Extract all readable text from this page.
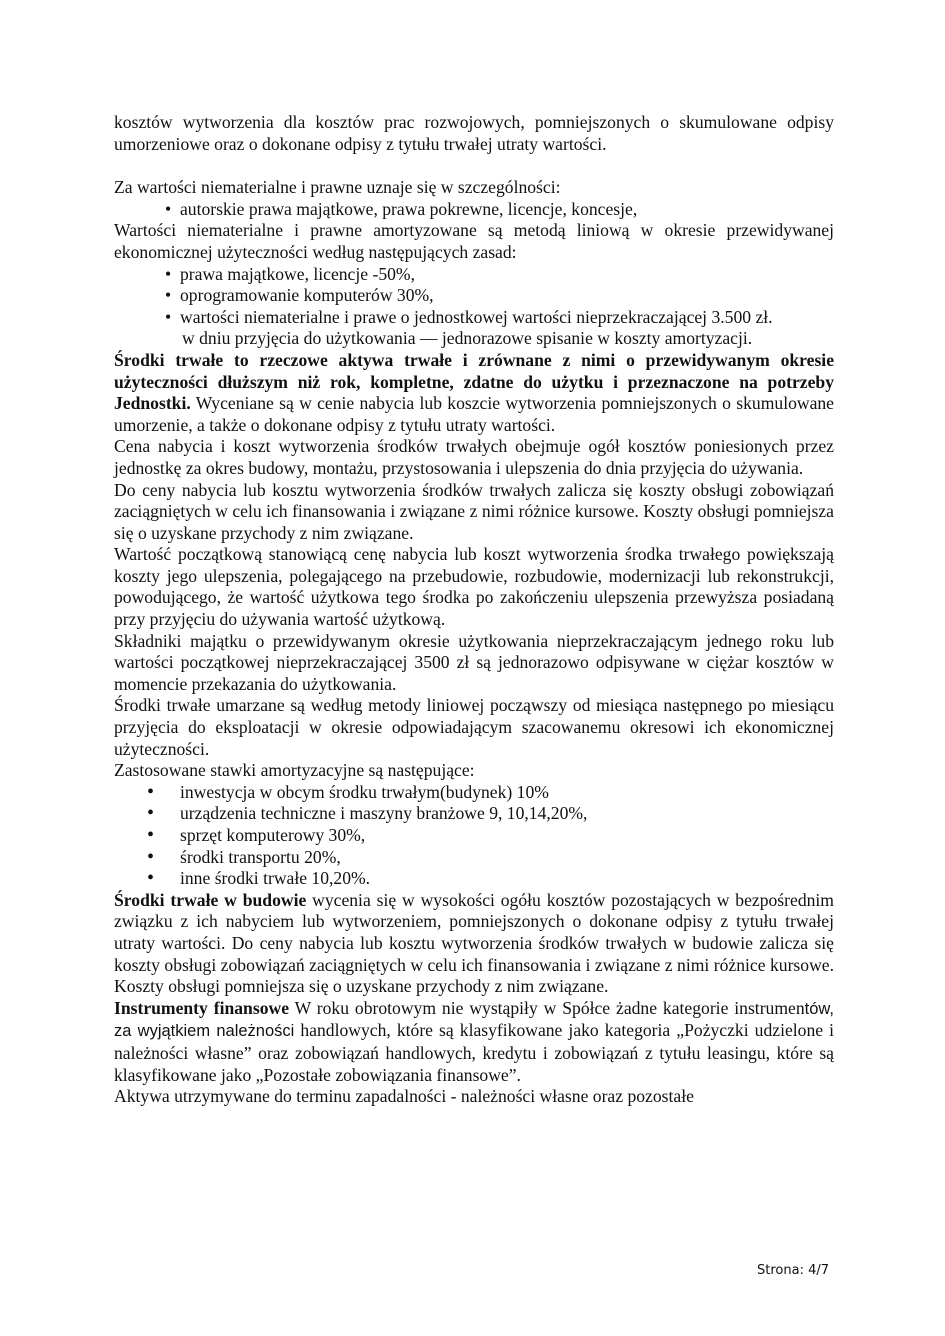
kosztów wytworzenia dla kosztów prac rozwojowych, pomniejszonych o skumulowane odpisy umorzeniowe oraz o dokonane odpisy z tytułu trwałej utraty wartości.

Za wartości niematerialne i prawne uznaje się w szczególności:

• autorskie prawa majątkowe, prawa pokrewne, licencje, koncesje,

Wartości niematerialne i prawne amortyzowane są metodą liniową w okresie przewidywanej ekonomicznej użyteczności według następujących zasad:

• prawa majątkowe, licencje -50%,
• oprogramowanie komputerów 30%,
• wartości niematerialne i prawe o jednostkowej wartości nieprzekraczającej 3.500 zł.

w dniu przyjęcia do użytkowania — jednorazowe spisanie w koszty amortyzacji.

Środki trwałe to rzeczowe aktywa trwałe i zrównane z nimi o przewidywanym okresie użyteczności dłuższym niż rok, kompletne, zdatne do użytku i przeznaczone na potrzeby Jednostki. Wyceniane są w cenie nabycia lub koszcie wytworzenia pomniejszonych o skumulowane umorzenie, a także o dokonane odpisy z tytułu utraty wartości.

Cena nabycia i koszt wytworzenia środków trwałych obejmuje ogół kosztów poniesionych przez jednostkę za okres budowy, montażu, przystosowania i ulepszenia do dnia przyjęcia do używania.

Do ceny nabycia lub kosztu wytworzenia środków trwałych zalicza się koszty obsługi zobowiązań zaciągniętych w celu ich finansowania i związane z nimi różnice kursowe. Koszty obsługi pomniejsza się o uzyskane przychody z nim związane.

Wartość początkową stanowiącą cenę nabycia lub koszt wytworzenia środka trwałego powiększają koszty jego ulepszenia, polegającego na przebudowie, rozbudowie, modernizacji lub rekonstrukcji, powodującego, że wartość użytkowa tego środka po zakończeniu ulepszenia przewyższa posiadaną przy przyjęciu do używania wartość użytkową.

Składniki majątku o przewidywanym okresie użytkowania nieprzekraczającym jednego roku lub wartości początkowej nieprzekraczającej 3500 zł są jednorazowo odpisywane w ciężar kosztów w momencie przekazania do użytkowania.

Środki trwałe umarzane są według metody liniowej począwszy od miesiąca następnego po miesiącu przyjęcia do eksploatacji w okresie odpowiadającym szacowanemu okresowi ich ekonomicznej użyteczności.

Zastosowane stawki amortyzacyjne są następujące:

• inwestycja w obcym środku trwałym(budynek) 10%
• urządzenia techniczne i maszyny branżowe 9, 10,14,20%,
• sprzęt komputerowy 30%,
• środki transportu 20%,
• inne środki trwałe 10,20%.

Środki trwałe w budowie wycenia się w wysokości ogółu kosztów pozostających w bezpośrednim związku z ich nabyciem lub wytworzeniem, pomniejszonych o dokonane odpisy z tytułu trwałej utraty wartości. Do ceny nabycia lub kosztu wytworzenia środków trwałych w budowie zalicza się koszty obsługi zobowiązań zaciągniętych w celu ich finansowania i związane z nimi różnice kursowe. Koszty obsługi pomniejsza się o uzyskane przychody z nim związane.

Instrumenty finansowe W roku obrotowym nie wystąpiły w Spółce żadne kategorie instrumentów, za wyjątkiem należności handlowych, które są klasyfikowane jako kategoria „Pożyczki udzielone i należności własne” oraz zobowiązań handlowych, kredytu i zobowiązań z tytułu leasingu, które są klasyfikowane jako „Pozostałe zobowiązania finansowe”.

Aktywa utrzymywane do terminu zapadalności - należności własne oraz pozostałe

Strona: 4/7
